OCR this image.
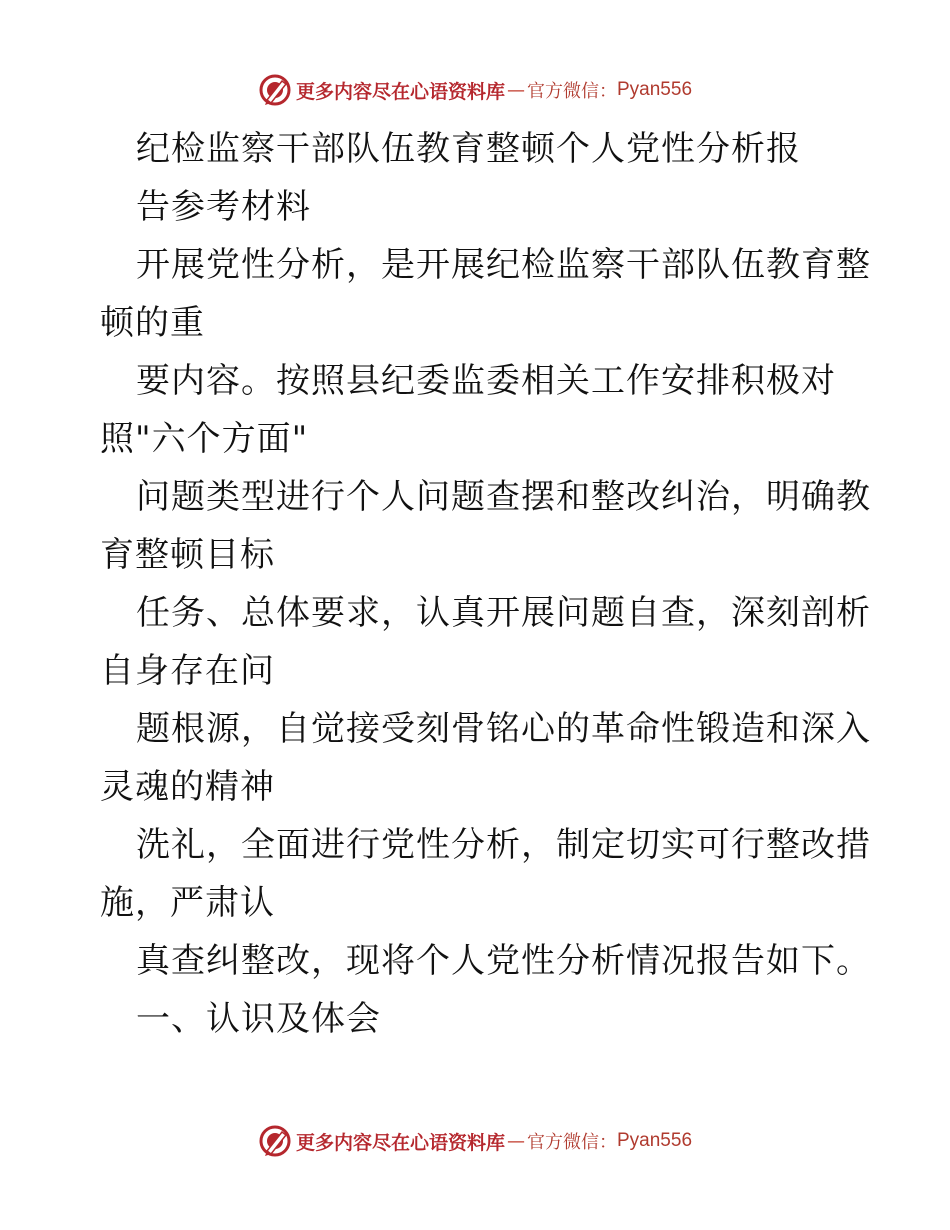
更多内容尽在心语资料库 — 官方微信： Pyan556
纪检监察干部队伍教育整顿个人党性分析报
告参考材料
开展党性分析，是开展纪检监察干部队伍教育整
顿的重
要内容。按照县纪委监委相关工作安排积极对
照"六个方面"
问题类型进行个人问题查摆和整改纠治，明确教
育整顿目标
任务、总体要求，认真开展问题自查，深刻剖析
自身存在问
题根源，自觉接受刻骨铭心的革命性锻造和深入
灵魂的精神
洗礼，全面进行党性分析，制定切实可行整改措
施，严肃认
真查纠整改，现将个人党性分析情况报告如下。
一、认识及体会
更多内容尽在心语资料库 — 官方微信： Pyan556
